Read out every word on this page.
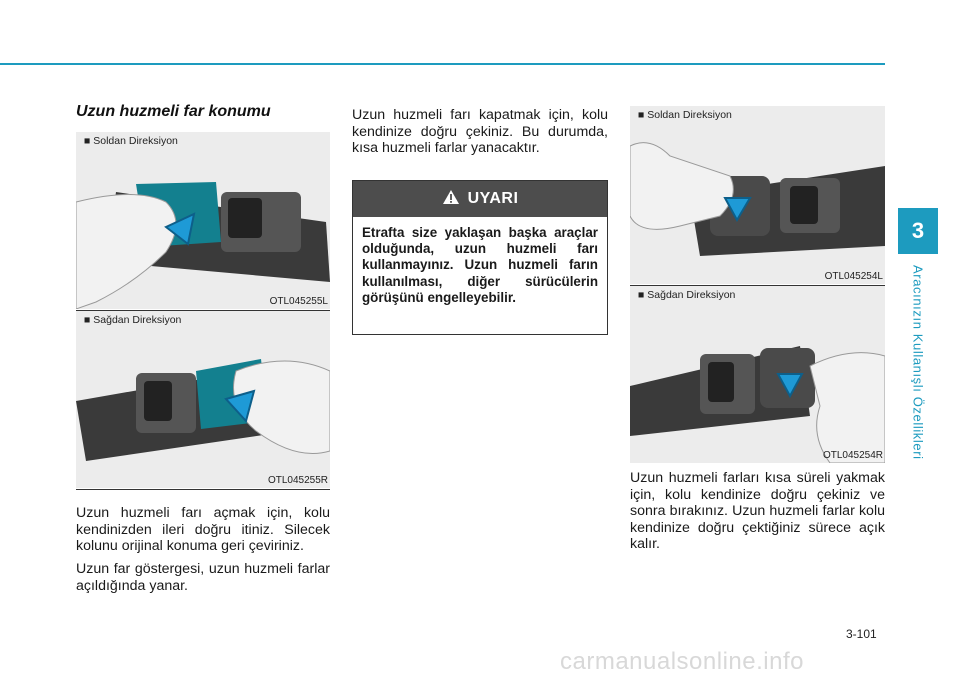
3
Aracınızın Kullanışlı Özellikleri
Uzun huzmeli far konumu
■ Soldan Direksiyon
OTL045255L
■ Sağdan Direksiyon
OTL045255R
Uzun huzmeli farı açmak için, kolu kendinizden ileri doğru itiniz. Silecek kolunu orijinal konuma geri çeviriniz.
Uzun far göstergesi, uzun huzmeli farlar açıldığında yanar.
Uzun huzmeli farı kapatmak için, kolu kendinize doğru çekiniz. Bu durumda, kısa huzmeli farlar yanacaktır.
UYARI
Etrafta size yaklaşan başka araçlar olduğunda, uzun huzmeli farı kullanmayınız. Uzun huzmeli farın kullanılması, diğer sürücülerin görüşünü engelleyebilir.
■ Soldan Direksiyon
OTL045254L
■ Sağdan Direksiyon
OTL045254R
Uzun huzmeli farları kısa süreli yakmak için, kolu kendinize doğru çekiniz ve sonra bırakınız. Uzun huzmeli farlar kolu kendinize doğru çektiğiniz sürece açık kalır.
3-101
carmanualsonline.info
